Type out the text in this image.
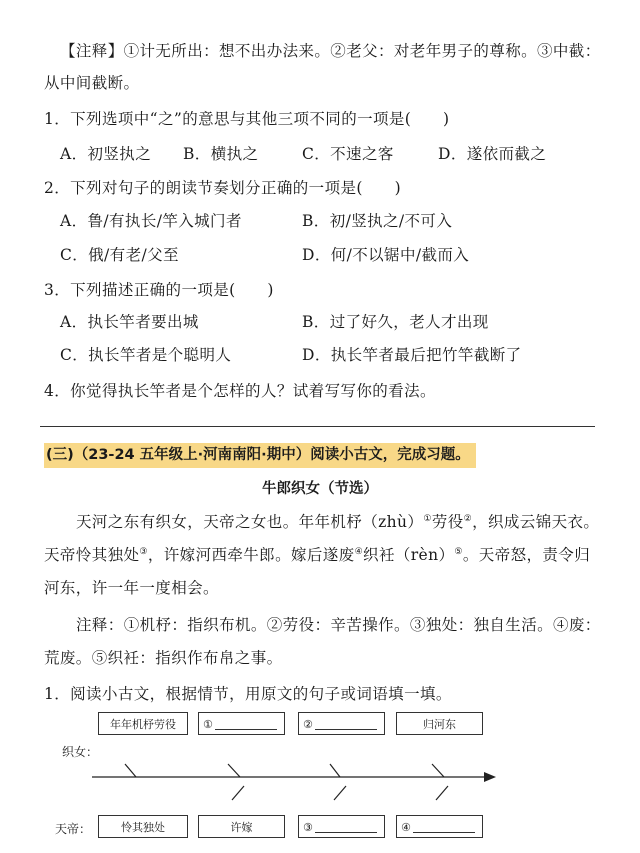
【注释】①计无所出：想不出办法来。②老父：对老年男子的尊称。③中截：
从中间截断。
1．下列选项中“之”的意思与其他三项不同的一项是(　　)
A．初竖执之 B．横执之	C．不速之客	D．遂依而截之
2．下列对句子的朗读节奏划分正确的一项是(　　)
A．鲁/有执长/竿入城门者	B．初/竖执之/不可入
C．俄/有老/父至	D．何/不以锯中/截而入
3．下列描述正确的一项是(　　)
A．执长竿者要出城	B．过了好久，老人才出现
C．执长竿者是个聪明人	D．执长竿者最后把竹竿截断了
4．你觉得执长竿者是个怎样的人？试着写写你的看法。
(三)（23-24 五年级上·河南南阳·期中）阅读小古文，完成习题。
牛郎织女（节选）
天河之东有织女，天帝之女也。年年机杼（zhù）①劳役②，织成云锦天衣。
天帝怜其独处③，许嫁河西牵牛郎。嫁后遂废④织衽（rèn）⑤。天帝怒，责令归
河东，许一年一度相会。
注释：①机杼：指织布机。②劳役：辛苦操作。③独处：独自生活。④废：
荒废。⑤织衽：指织作布帛之事。
1．阅读小古文，根据情节，用原文的句子或词语填一填。
年年机杼劳役	①	②	归河东
织女：
天帝：	怜其独处	许嫁	③	④
